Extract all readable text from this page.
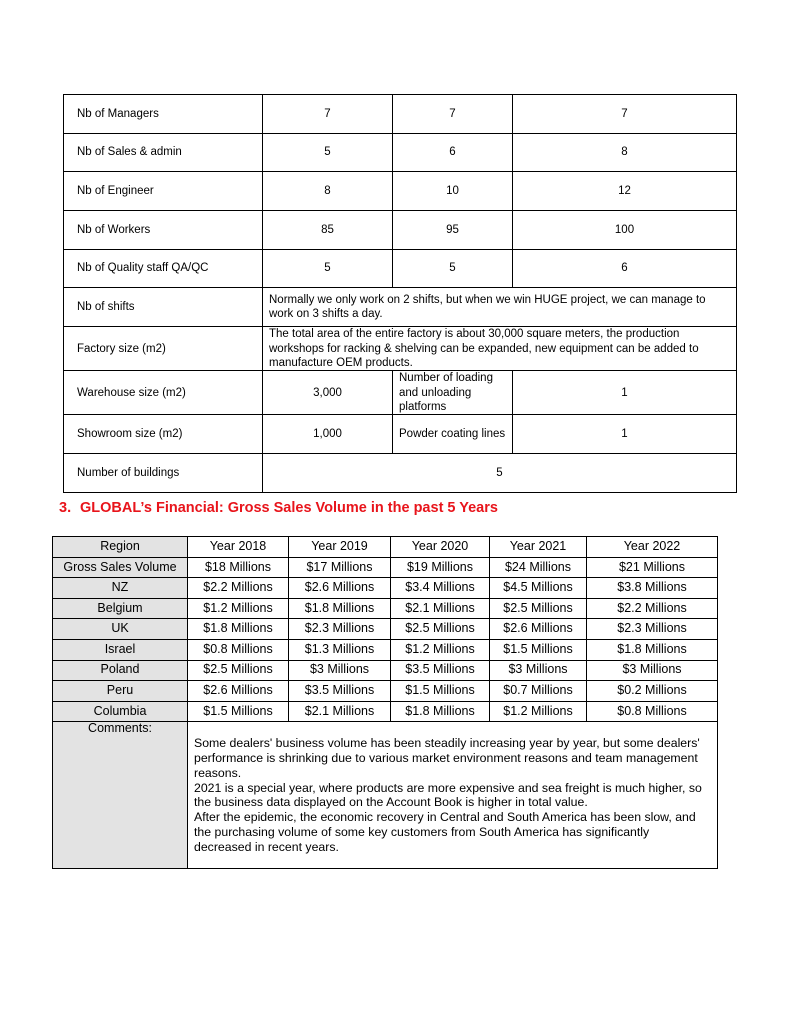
Nb of Managers	7	7	7
Nb of Sales & admin	5	6	8
Nb of Engineer	8	10	12
Nb of Workers	85	95	100
Nb of Quality staff QA/QC	5	5	6
Nb of shifts	Normally we only work on 2 shifts, but when we win HUGE project, we can manage to work on 3 shifts a day.		
Factory size (m2)	The total area of the entire factory is about 30,000 square meters, the production workshops for racking & shelving can be expanded, new equipment can be added to manufacture OEM products.		
Warehouse size (m2)	3,000	Number of loading and unloading platforms	1
Showroom size (m2)	1,000	Powder coating lines	1
Number of buildings	5		
3. GLOBAL’s Financial: Gross Sales Volume in the past 5 Years
Region	Year 2018	Year 2019	Year 2020	Year 2021	Year 2022
Gross Sales Volume	$18 Millions	$17 Millions	$19 Millions	$24 Millions	$21 Millions
NZ	$2.2 Millions	$2.6 Millions	$3.4 Millions	$4.5 Millions	$3.8 Millions
Belgium	$1.2 Millions	$1.8 Millions	$2.1 Millions	$2.5 Millions	$2.2 Millions
UK	$1.8 Millions	$2.3 Millions	$2.5 Millions	$2.6 Millions	$2.3 Millions
Israel	$0.8 Millions	$1.3 Millions	$1.2 Millions	$1.5 Millions	$1.8 Millions
Poland	$2.5 Millions	$3 Millions	$3.5 Millions	$3 Millions	$3 Millions
Peru	$2.6 Millions	$3.5 Millions	$1.5 Millions	$0.7 Millions	$0.2 Millions
Columbia	$1.5 Millions	$2.1 Millions	$1.8 Millions	$1.2 Millions	$0.8 Millions
Comments:	Some dealers' business volume has been steadily increasing year by year, but some dealers' performance is shrinking due to various market environment reasons and team management reasons.

2021 is a special year, where products are more expensive and sea freight is much higher, so the business data displayed on the Account Book is higher in total value.

After the epidemic, the economic recovery in Central and South America has been slow, and the purchasing volume of some key customers from South America has significantly decreased in recent years.				
